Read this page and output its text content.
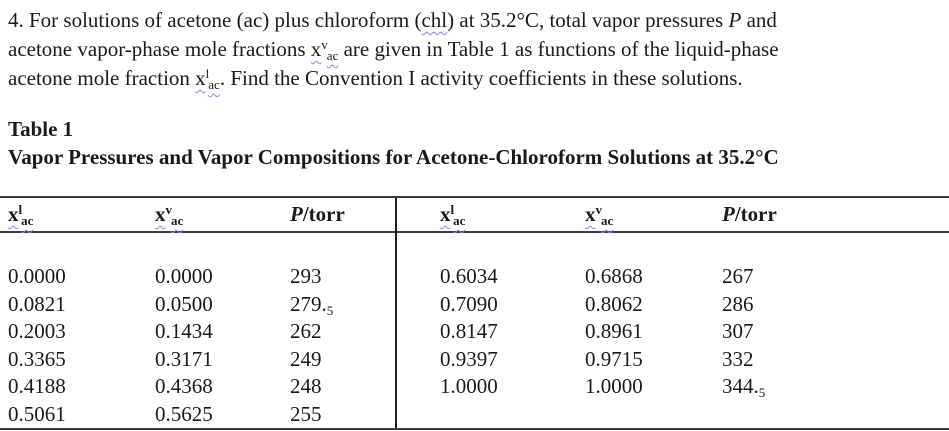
4. For solutions of acetone (ac) plus chloroform (chl) at 35.2°C, total vapor pressures P and
acetone vapor-phase mole fractions $x^v_{ac}$ are given in Table 1 as functions of the liquid-phase
acetone mole fraction $x^l_{ac}$. Find the Convention I activity coefficients in these solutions.

Table 1
Vapor Pressures and Vapor Compositions for Acetone-Chloroform Solutions at 35.2°C
$x^l_{ac}$	$x^v_{ac}$	P/torr
0.0000	0.0000	293
0.0821	0.0500	$279._5$
0.2003	0.1434	262
0.3365	0.3171	249
0.4188	0.4368	248
0.5061	0.5625	255
$x^l_{ac}$	$x^v_{ac}$	P/torr
0.6034	0.6868	267
0.7090	0.8062	286
0.8147	0.8961	307
0.9397	0.9715	332
1.0000	1.0000	$344._5$
